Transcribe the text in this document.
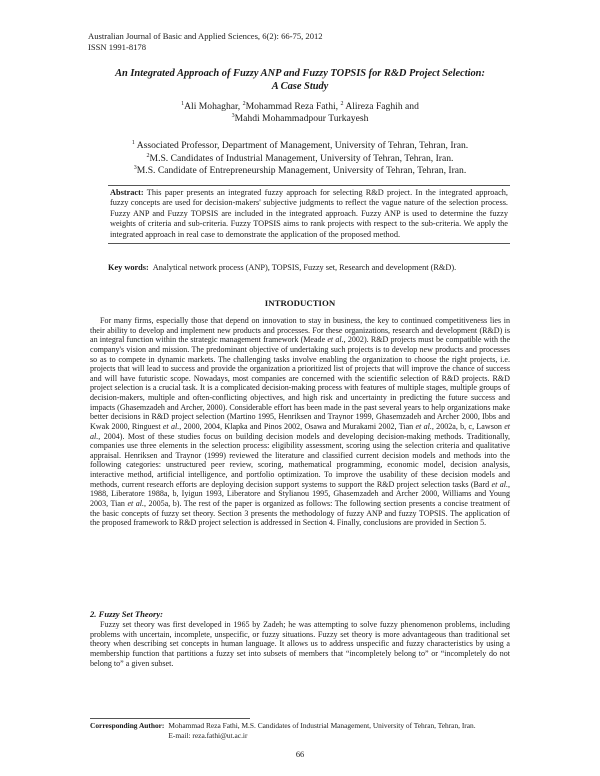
Australian Journal of Basic and Applied Sciences, 6(2): 66-75, 2012
ISSN 1991-8178
An Integrated Approach of Fuzzy ANP and Fuzzy TOPSIS for R&D Project Selection:
A Case Study
$^1$Ali Mohaghar, $^2$Mohammad Reza Fathi, $^2$ Alireza Faghih and
$^3$Mahdi Mohammadpour Turkayesh
$^1$ Associated Professor, Department of Management, University of Tehran, Tehran, Iran.
$^2$M.S. Candidates of Industrial Management, University of Tehran, Tehran, Iran.
$^3$M.S. Candidate of Entrepreneurship Management, University of Tehran, Tehran, Iran.
Abstract: This paper presents an integrated fuzzy approach for selecting R&D project. In the integrated approach, fuzzy concepts are used for decision-makers' subjective judgments to reflect the vague nature of the selection process. Fuzzy ANP and Fuzzy TOPSIS are included in the integrated approach. Fuzzy ANP is used to determine the fuzzy weights of criteria and sub-criteria. Fuzzy TOPSIS aims to rank projects with respect to the sub-criteria. We apply the integrated approach in real case to demonstrate the application of the proposed method.
Key words: Analytical network process (ANP), TOPSIS, Fuzzy set, Research and development (R&D).
INTRODUCTION
For many firms, especially those that depend on innovation to stay in business, the key to continued competitiveness lies in their ability to develop and implement new products and processes. For these organizations, research and development (R&D) is an integral function within the strategic management framework (Meade et al., 2002). R&D projects must be compatible with the company's vision and mission. The predominant objective of undertaking such projects is to develop new products and processes so as to compete in dynamic markets. The challenging tasks involve enabling the organization to choose the right projects, i.e. projects that will lead to success and provide the organization a prioritized list of projects that will improve the chance of success and will have futuristic scope. Nowadays, most companies are concerned with the scientific selection of R&D projects. R&D project selection is a crucial task. It is a complicated decision-making process with features of multiple stages, multiple groups of decision-makers, multiple and often-conflicting objectives, and high risk and uncertainty in predicting the future success and impacts (Ghasemzadeh and Archer, 2000). Considerable effort has been made in the past several years to help organizations make better decisions in R&D project selection (Martino 1995, Henriksen and Traynor 1999, Ghasemzadeh and Archer 2000, Ibbs and Kwak 2000, Ringuest et al., 2000, 2004, Klapka and Pinos 2002, Osawa and Murakami 2002, Tian et al., 2002a, b, c, Lawson et al., 2004). Most of these studies focus on building decision models and developing decision-making methods. Traditionally, companies use three elements in the selection process: eligibility assessment, scoring using the selection criteria and qualitative appraisal. Henriksen and Traynor (1999) reviewed the literature and classified current decision models and methods into the following categories: unstructured peer review, scoring, mathematical programming, economic model, decision analysis, interactive method, artificial intelligence, and portfolio optimization. To improve the usability of these decision models and methods, current research efforts are deploying decision support systems to support the R&D project selection tasks (Bard et al., 1988, Liberatore 1988a, b, Iyigun 1993, Liberatore and Stylianou 1995, Ghasemzadeh and Archer 2000, Williams and Young 2003, Tian et al., 2005a, b). The rest of the paper is organized as follows: The following section presents a concise treatment of the basic concepts of fuzzy set theory. Section 3 presents the methodology of fuzzy ANP and fuzzy TOPSIS. The application of the proposed framework to R&D project selection is addressed in Section 4. Finally, conclusions are provided in Section 5.
2. Fuzzy Set Theory:
Fuzzy set theory was first developed in 1965 by Zadeh; he was attempting to solve fuzzy phenomenon problems, including problems with uncertain, incomplete, unspecific, or fuzzy situations. Fuzzy set theory is more advantageous than traditional set theory when describing set concepts in human language. It allows us to address unspecific and fuzzy characteristics by using a membership function that partitions a fuzzy set into subsets of members that “incompletely belong to” or “incompletely do not belong to” a given subset.
Corresponding Author: Mohammad Reza Fathi, M.S. Candidates of Industrial Management, University of Tehran, Tehran, Iran.
E-mail: reza.fathi@ut.ac.ir
66
